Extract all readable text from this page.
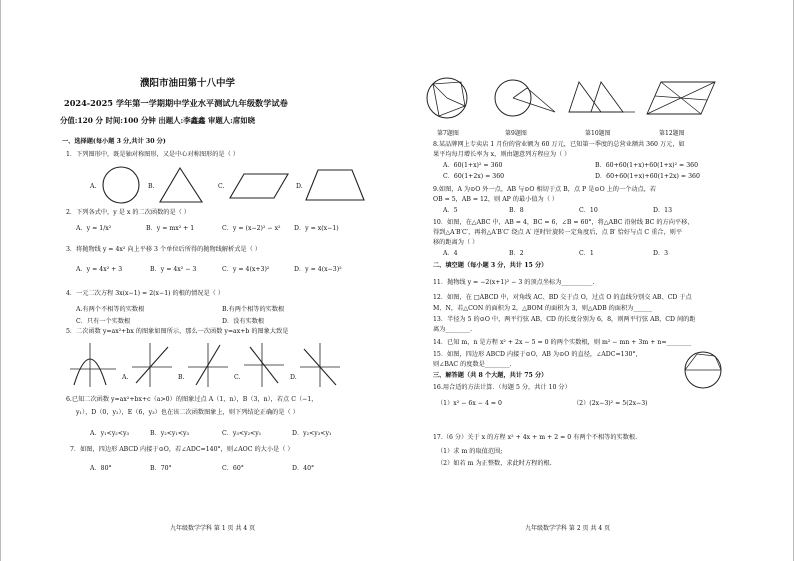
濮阳市油田第十八中学
2024-2025 学年第一学期期中学业水平测试九年级数学试卷
分值:120 分 时间:100 分钟 出题人:李鑫鑫 审题人:席如晓
一、选择题(每小题 3 分,共计 30 分)
1．下列图形中，既是轴对称图形，又是中心对称图形的是（ ）
A.	B.	C.	D.
2．下列各式中，y 是 x 的二次函数的是（ ）
A．y = 1/x²	B．y = mx² + 1	C．y = (x−2)² − x² D．y = x(x−1)
3．将抛物线 y = 4x² 向上平移 3 个单位后所得的抛物线解析式是（ ）
A．y = 4x² + 3	B．y = 4x² − 3	C．y = 4(x+3)²	D．y = 4(x−3)²
4．一元二次方程 3x(x−1) = 2(x−1) 的根的情况是（ ）
A.有两个不相等的实数根	B.有两个相等的实数根
C．只有一个实数根	D．没有实数根
5．二次函数 y=ax²+bx 的图象如图所示，那么一次函数 y=ax+b 的图象大致是
A.	B.	C.	D.
6.已知二次函数 y=ax²+bx+c（a>0）的图象过点 A（1，n），B（3，n），若点 C（−1，
y₁），D（0，y₂），E（6，y₃）也在该二次函数图象上，则下列结论正确的是（ ）
A．y₁<y₂<y₃	B．y₂<y₁<y₃	C．y₃<y₂<y₁	D．y₂<y₃<y₁
7．如图，四边形 ABCD 内接于⊙O，若∠ADC=140°，则∠AOC 的大小是（ ）
A．80°	B．70°	C．60°	D．40°
九年级数学学科 第 1 页 共 4 页
第7题图	第9题图	第10题图	第12题图
8.某品牌网上专卖店 1 月份的营业额为 60 万元，已知第一季度的总营业额共 360 万元，如
果平均每月增长率为 x，则由题意列方程应为（ ）
A．60(1+x)² = 360	B．60+60(1+x)+60(1+x)² = 360
C．60(1+2x) = 360	D．60+60(1+x)+60(1+2x) = 360
9.如图，A 为⊙O 外一点，AB 与⊙O 相切于点 B，点 P 是⊙O 上的一个动点，若
OB = 5，AB = 12，则 AP 的最小值为（ ）
A．5	B．8	C．10	D．13
10．如图，在△ABC 中，AB = 4，BC = 6，∠B = 60°，将△ABC 沿射线 BC 的方向平移，
得到△A′B′C′，再将△A′B′C′ 绕点 A′ 逆时针旋转一定角度后，点 B′ 恰好与点 C 重合，则平
移的距离为（ ）
A．4	B．2	C．1	D．3
二、填空题（每小题 3 分，共计 15 分）
11．抛物线 y = −2(x+1)² − 3 的顶点坐标为__________.
12．如图，在 □ABCD 中，对角线 AC、BD 交于点 O，过点 O 的直线分别交 AB、CD 于点
M、N，若△CON 的面积为 2，△BOM 的面积为 3，则△ADB 的面积为______
13．半径为 5 的⊙O 中，两平行弦 AB，CD 的长度分别为 6，8，则两平行弦 AB，CD 间的距
离为________.
14．已知 m，n 是方程 x² + 2x − 5 = 0 的两个实数根，则 m² − mn + 3m + n=________
15．如图，四边形 ABCD 内接于⊙O，AB 为⊙O 的直径，∠ADC=130°，
则∠BAC 的度数是________.
三、解答题（共 8 个大题，共计 75 分）
16.用合适的方法计算．（每题 5 分，共计 10 分）
（1）x² − 6x − 4 = 0	（2）(2x−3)² = 5(2x−3)
17.（6 分）关于 x 的方程 x² + 4x + m + 2 = 0 有两个不相等的实数根.
（1）求 m 的取值范围;
（2）如若 m 为正整数，求此时方程的根.
九年级数学学科 第 2 页 共 4 页
